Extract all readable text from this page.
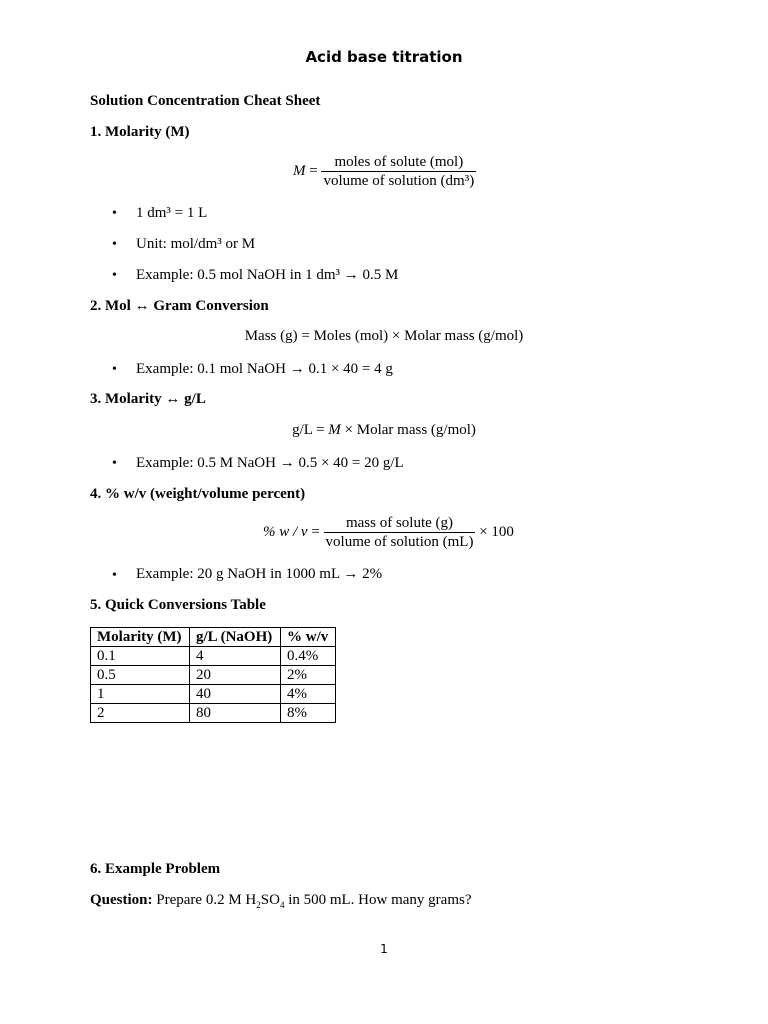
Acid base titration
Solution Concentration Cheat Sheet
1. Molarity (M)
$M = \frac{\text{moles of solute (mol)}}{\text{volume of solution (dm³)}}$
• 1 dm³ = 1 L
• Unit: mol/dm³ or M
• Example: 0.5 mol NaOH in 1 dm³ → 0.5 M
2. Mol ↔ Gram Conversion
Mass (g) = Moles (mol) × Molar mass (g/mol)
• Example: 0.1 mol NaOH → 0.1 × 40 = 4 g
3. Molarity ↔ g/L
g/L = M × Molar mass (g/mol)
• Example: 0.5 M NaOH → 0.5 × 40 = 20 g/L
4. % w/v (weight/volume percent)
% $w / v = \frac{\text{mass of solute (g)}}{\text{volume of solution (mL)}} \times 100$
• Example: 20 g NaOH in 1000 mL → 2%
5. Quick Conversions Table
Molarity (M)	g/L (NaOH)	% w/v
0.1	4	0.4%
0.5	20	2%
1	40	4%
2	80	8%
6. Example Problem
Question: Prepare 0.2 M $H_2SO_4$ in 500 mL. How many grams?
1
